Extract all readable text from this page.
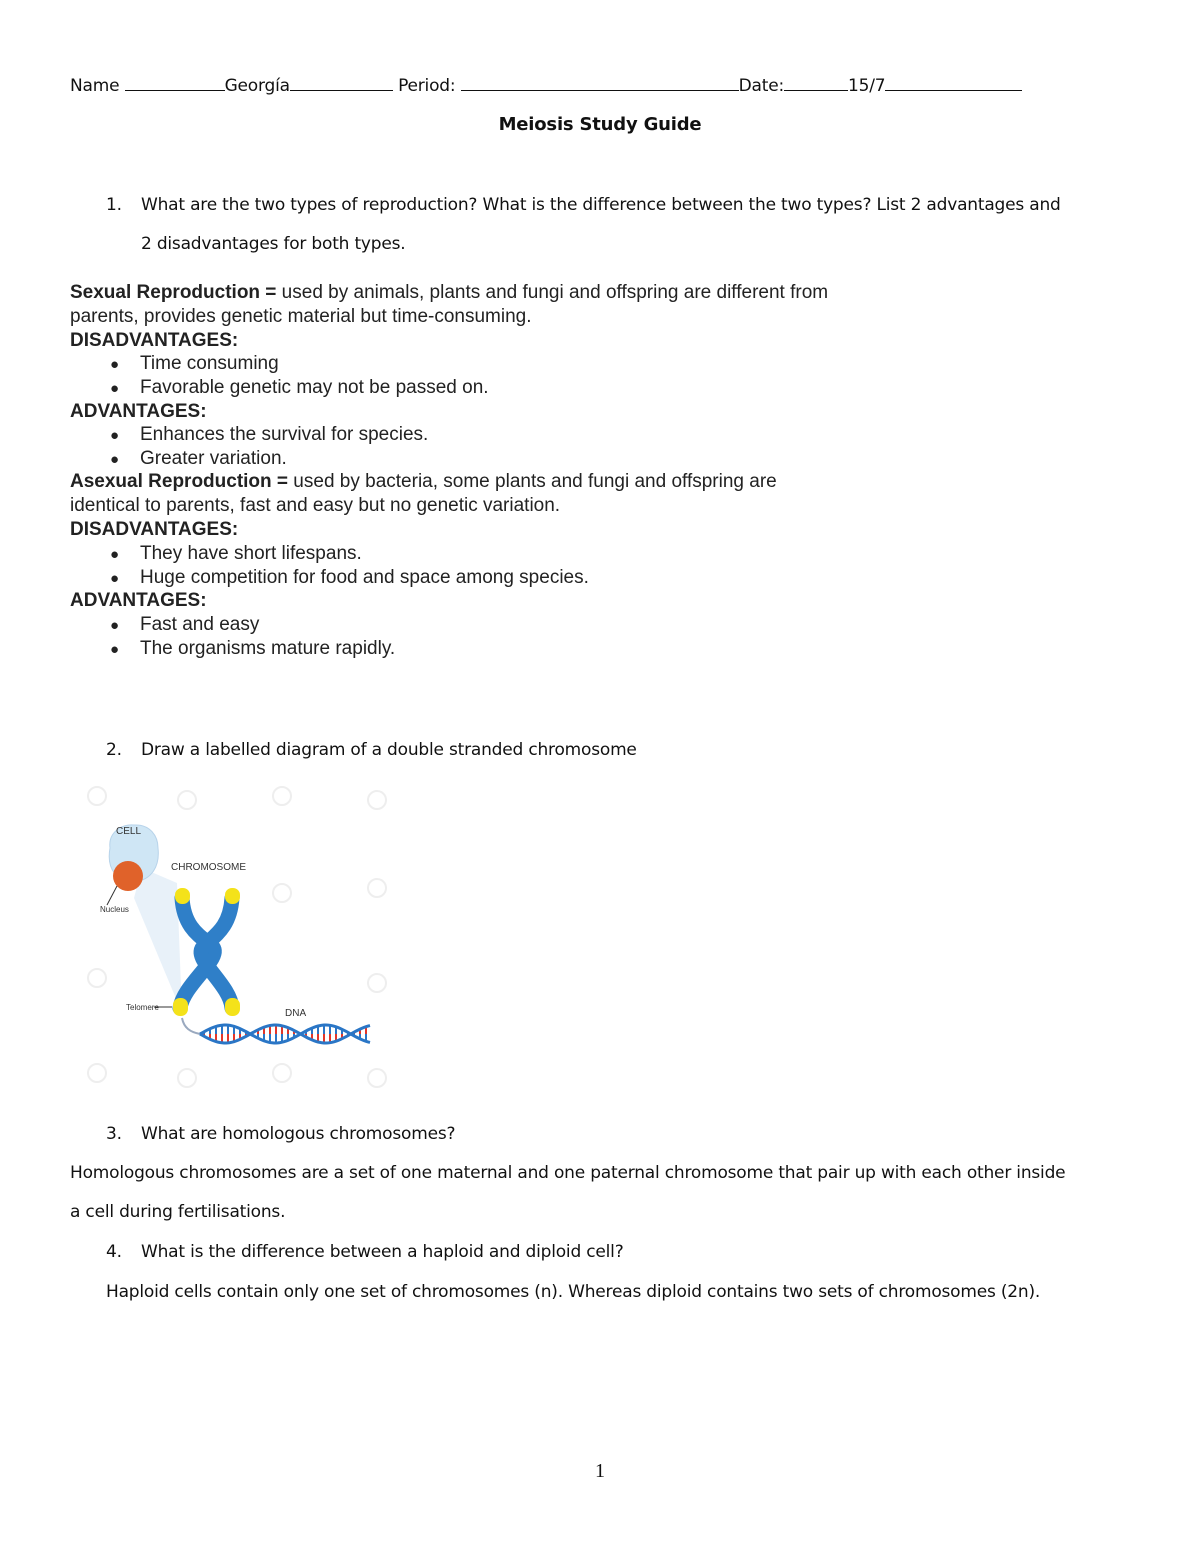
Name	Georgía	Period:	Date:	15/7
Meiosis Study Guide
1. What are the two types of reproduction? What is the difference between the two types? List 2 advantages and
2 disadvantages for both types.
Sexual Reproduction = used by animals, plants and fungi and offspring are different from
parents, provides genetic material but time-consuming.
DISADVANTAGES:
● Time consuming
● Favorable genetic may not be passed on.
ADVANTAGES:
● Enhances the survival for species.
● Greater variation.
Asexual Reproduction = used by bacteria, some plants and fungi and offspring are
identical to parents, fast and easy but no genetic variation.
DISADVANTAGES:
● They have short lifespans.
● Huge competition for food and space among species.
ADVANTAGES:
● Fast and easy
● The organisms mature rapidly.
2. Draw a labelled diagram of a double stranded chromosome
CELL
CHROMOSOME
Nucleus
Telomere
DNA
3. What are homologous chromosomes?
Homologous chromosomes are a set of one maternal and one paternal chromosome that pair up with each other inside
a cell during fertilisations.
4. What is the difference between a haploid and diploid cell?
Haploid cells contain only one set of chromosomes (n). Whereas diploid contains two sets of chromosomes (2n).
1
